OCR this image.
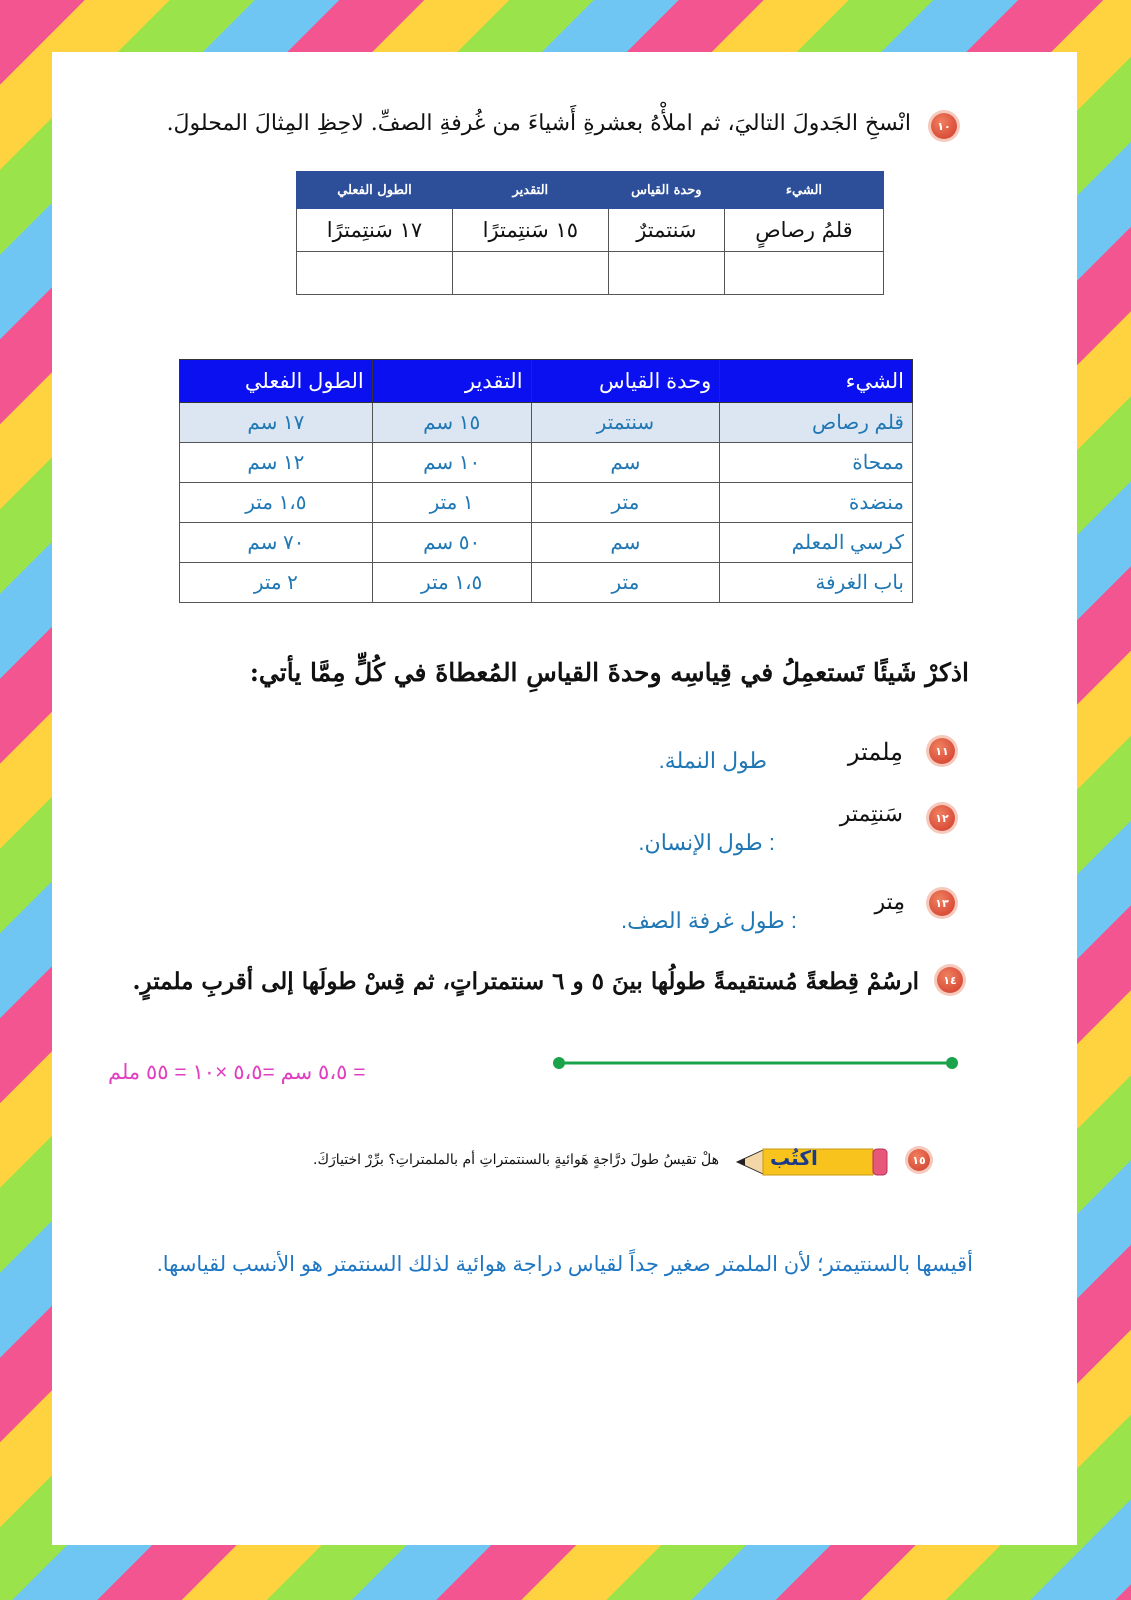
١٠
انْسخِ الجَدولَ التاليَ، ثم املأْهُ بعشرةِ أَشياءَ من غُرفةِ الصفِّ. لاحِظِ المِثالَ المحلولَ.
الشيء	وحدة القياس	التقدير	الطول الفعلي
قلمُ رصاصٍ	سَنتمترٌ	١٥ سَنتِمترًا	١٧ سَنتِمترًا

الشيء	وحدة القياس	التقدير	الطول الفعلي
قلم رصاص	سنتمتر	١٥ سم	١٧ سم
ممحاة	سم	١٠ سم	١٢ سم
منضدة	متر	١ متر	١،٥ متر
كرسي المعلم	سم	٥٠ سم	٧٠ سم
باب الغرفة	متر	١،٥ متر	٢ متر
اذكرْ شَيئًا تَستعمِلُ في قِياسِه وحدةَ القياسِ المُعطاةَ في كُلٍّ مِمَّا يأتي:
١١
مِلمتر
طول النملة.
١٢
سَنتِمتر
: طول الإنسان.
١٣
مِتر
: طول غرفة الصف.
١٤
ارسُمْ قِطعةً مُستقيمةً طولُها بينَ ٥ و ٦ سنتمتراتٍ، ثم قِسْ طولَها إلى أقربِ ملمترٍ.
= ٥،٥ سم =٥،٥ ×١٠ = ٥٥ ملم
١٥
اكتُب
هلْ تقيسُ طولَ درَّاجةٍ هَوائيةٍ بالسنتمتراتِ أم بالملمتراتِ؟ برِّرْ اختيارَكَ.
أقيسها بالسنتيمتر؛ لأن الملمتر صغير جداً لقياس دراجة هوائية لذلك السنتمتر هو الأنسب لقياسها.
